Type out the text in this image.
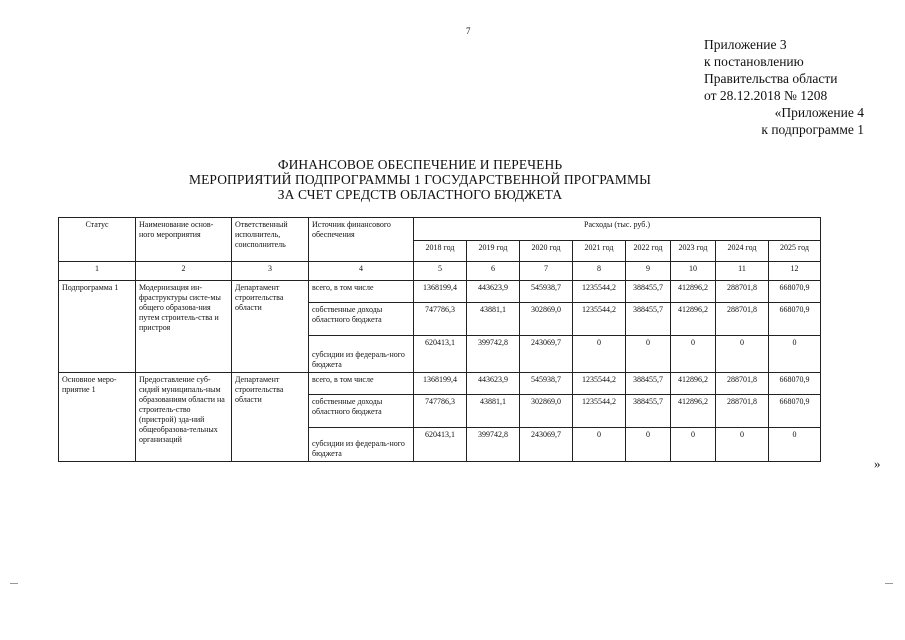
7
Приложение 3
к постановлению
Правительства области
от 28.12.2018 № 1208
«Приложение 4
к подпрограмме 1
ФИНАНСОВОЕ ОБЕСПЕЧЕНИЕ И ПЕРЕЧЕНЬ
МЕРОПРИЯТИЙ ПОДПРОГРАММЫ 1 ГОСУДАРСТВЕННОЙ ПРОГРАММЫ
ЗА СЧЕТ СРЕДСТВ ОБЛАСТНОГО БЮДЖЕТА
Статус	Наименование основ-ного мероприятия	Ответственный исполнитель, соисполнитель	Источник финансового обеспечения	Расходы (тыс. руб.)							
				2018 год	2019 год	2020 год	2021 год	2022 год	2023 год	2024 год	2025 год
1	2	3	4	5	6	7	8	9	10	11	12
Подпрограмма 1	Модернизация ин-фраструктуры систе-мы общего образова-ния путем строитель-ства и пристроя	Департамент строительства области	всего, в том числе	1368199,4	443623,9	545938,7	1235544,2	388455,7	412896,2	288701,8	668070,9
			собственные доходы областного бюджета	747786,3	43881,1	302869,0	1235544,2	388455,7	412896,2	288701,8	668070,9
			субсидии из федераль-ного бюджета	620413,1	399742,8	243069,7	0	0	0	0	0
Основное меро-приятие 1	Предоставление суб-сидий муниципаль-ным образованиям области на строитель-ство (пристрой) зда-ний общеобразова-тельных организаций	Департамент строительства области	всего, в том числе	1368199,4	443623,9	545938,7	1235544,2	388455,7	412896,2	288701,8	668070,9
			собственные доходы областного бюджета	747786,3	43881,1	302869,0	1235544,2	388455,7	412896,2	288701,8	668070,9
			субсидии из федераль-ного бюджета	620413,1	399742,8	243069,7	0	0	0	0	0
»
